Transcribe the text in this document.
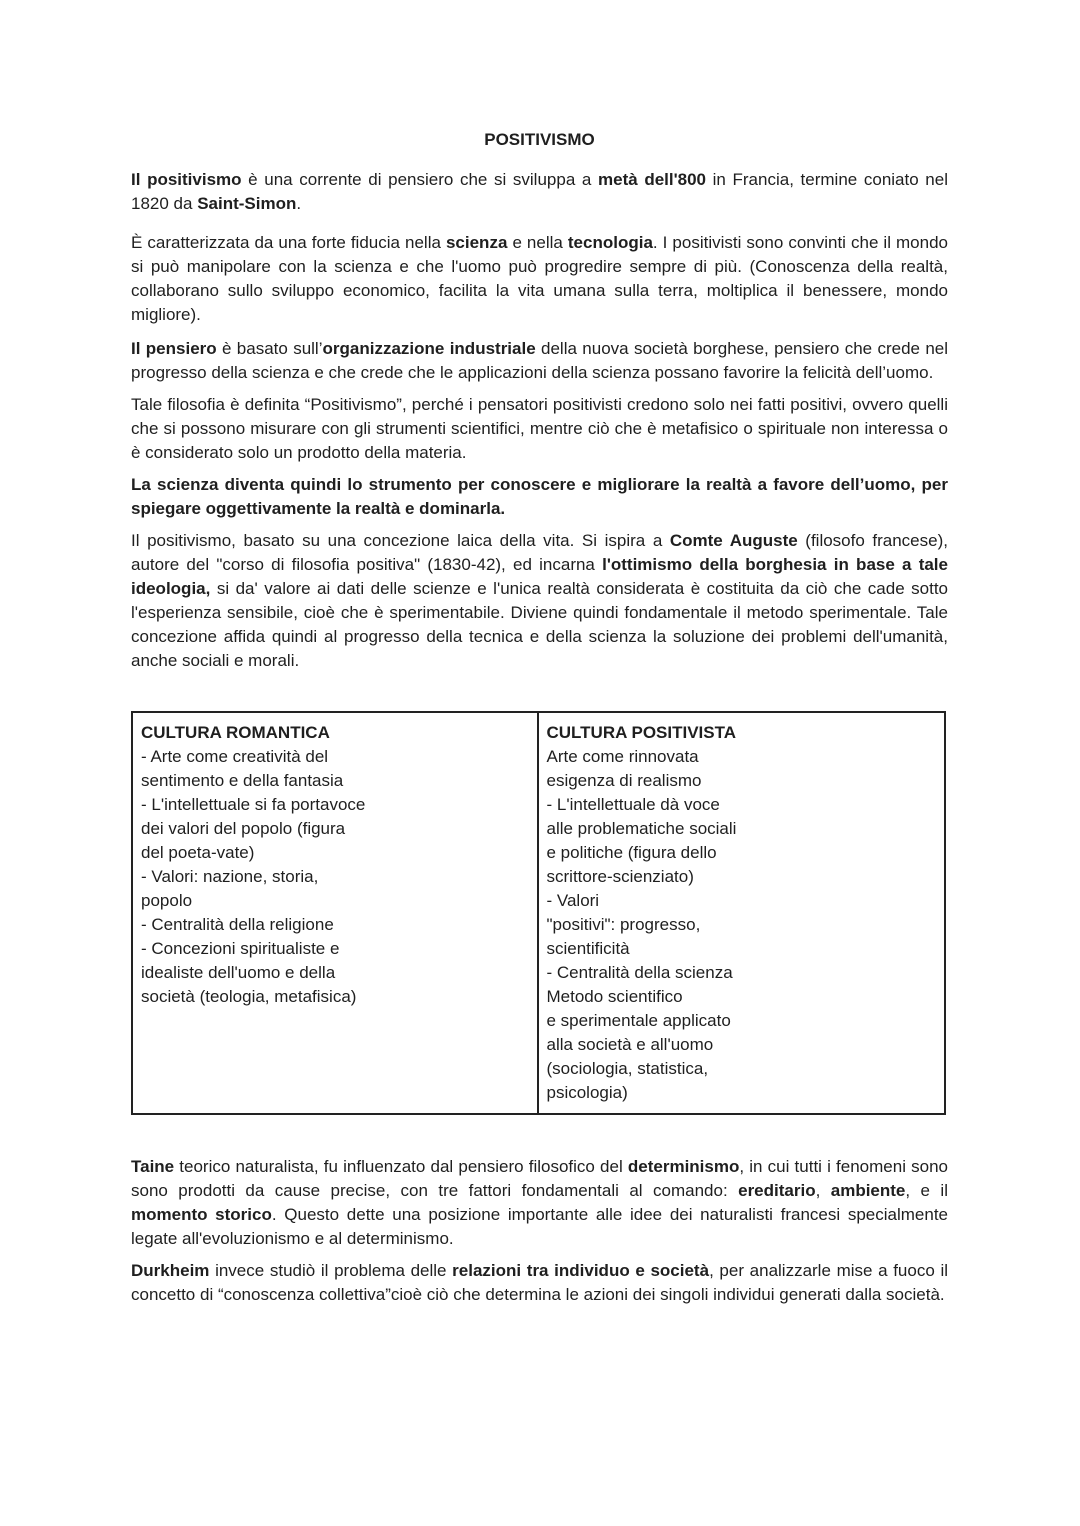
POSITIVISMO

Il positivismo è una corrente di pensiero che si sviluppa a metà dell'800 in Francia, termine coniato nel 1820 da Saint-Simon.

È caratterizzata da una forte fiducia nella scienza e nella tecnologia. I positivisti sono convinti che il mondo si può manipolare con la scienza e che l'uomo può progredire sempre di più. (Conoscenza della realtà, collaborano sullo sviluppo economico, facilita la vita umana sulla terra, moltiplica il benessere, mondo migliore).

Il pensiero è basato sull’organizzazione industriale della nuova società borghese, pensiero che crede nel progresso della scienza e che crede che le applicazioni della scienza possano favorire la felicità dell’uomo.

Tale filosofia è definita “Positivismo”, perché i pensatori positivisti credono solo nei fatti positivi, ovvero quelli che si possono misurare con gli strumenti scientifici, mentre ciò che è metafisico o spirituale non interessa o è considerato solo un prodotto della materia.

La scienza diventa quindi lo strumento per conoscere e migliorare la realtà a favore dell’uomo, per spiegare oggettivamente la realtà e dominarla.

Il positivismo, basato su una concezione laica della vita. Si ispira a Comte Auguste (filosofo francese), autore del "corso di filosofia positiva" (1830-42), ed incarna l'ottimismo della borghesia in base a tale ideologia, si da' valore ai dati delle scienze e l'unica realtà considerata è costituita da ciò che cade sotto l'esperienza sensibile, cioè che è sperimentabile. Diviene quindi fondamentale il metodo sperimentale. Tale concezione affida quindi al progresso della tecnica e della scienza la soluzione dei problemi dell'umanità, anche sociali e morali.

CULTURA ROMANTICA
- Arte come creatività del
sentimento e della fantasia
- L'intellettuale si fa portavoce
dei valori del popolo (figura
del poeta-vate)
- Valori: nazione, storia,
popolo
- Centralità della religione
- Concezioni spiritualiste e
idealiste dell'uomo e della
società (teologia, metafisica)
CULTURA POSITIVISTA
Arte come rinnovata
esigenza di realismo
- L'intellettuale dà voce
alle problematiche sociali
e politiche (figura dello
scrittore-scienziato)
- Valori
"positivi": progresso,
scientificità
- Centralità della scienza
Metodo scientifico
e sperimentale applicato
alla società e all'uomo
(sociologia, statistica,
psicologia)

Taine teorico naturalista, fu influenzato dal pensiero filosofico del determinismo, in cui tutti i fenomeni sono sono prodotti da cause precise, con tre fattori fondamentali al comando: ereditario, ambiente, e il momento storico. Questo dette una posizione importante alle idee dei naturalisti francesi specialmente legate all'evoluzionismo e al determinismo.

Durkheim invece studiò il problema delle relazioni tra individuo e società, per analizzarle mise a fuoco il concetto di “conoscenza collettiva”cioè ciò che determina le azioni dei singoli individui generati dalla società.
